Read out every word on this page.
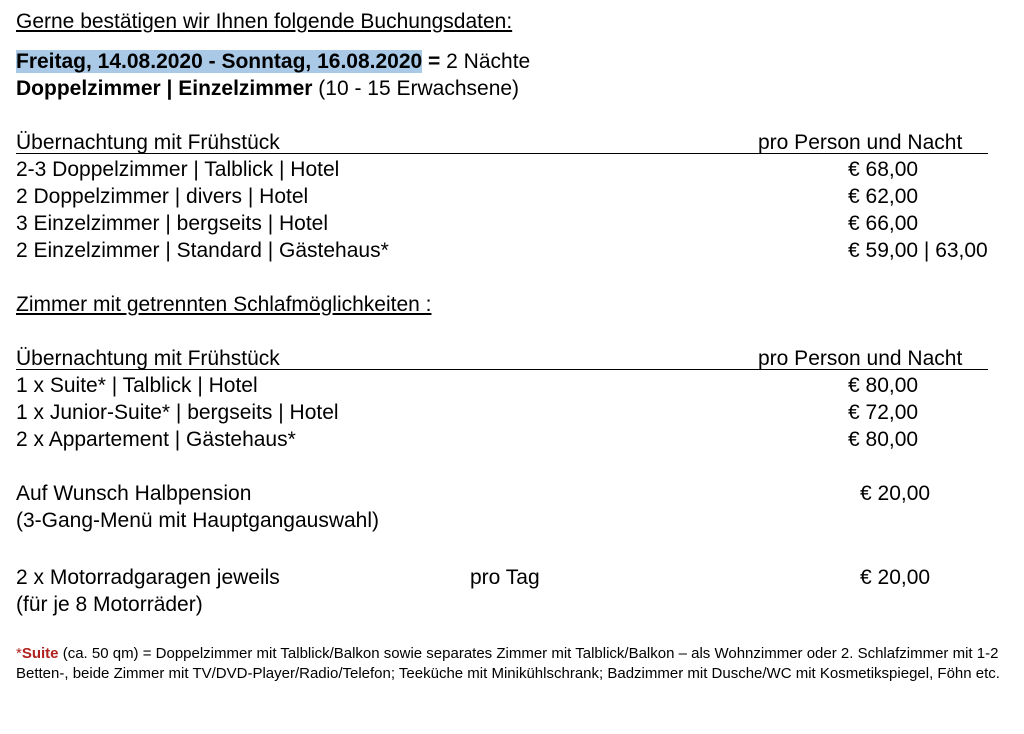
Gerne bestätigen wir Ihnen folgende Buchungsdaten:
Freitag, 14.08.2020 - Sonntag, 16.08.2020 = 2 Nächte
Doppelzimmer | Einzelzimmer (10 - 15 Erwachsene)
Übernachtung mit Frühstück	pro Person und Nacht
2-3 Doppelzimmer | Talblick | Hotel	€ 68,00
2 Doppelzimmer | divers | Hotel	€ 62,00
3 Einzelzimmer | bergseits | Hotel	€ 66,00
2 Einzelzimmer | Standard | Gästehaus*	€ 59,00 | 63,00
Zimmer mit getrennten Schlafmöglichkeiten :
Übernachtung mit Frühstück	pro Person und Nacht
1 x Suite* | Talblick | Hotel	€ 80,00
1 x Junior-Suite* | bergseits | Hotel	€ 72,00
2 x Appartement | Gästehaus*	€ 80,00
Auf Wunsch Halbpension	€ 20,00
(3-Gang-Menü mit Hauptgangauswahl)
2 x Motorradgaragen jeweils	pro Tag	€ 20,00
(für je 8 Motorräder)
*Suite (ca. 50 qm) = Doppelzimmer mit Talblick/Balkon sowie separates Zimmer mit Talblick/Balkon – als Wohnzimmer oder 2. Schlafzimmer mit 1-2 Betten-, beide Zimmer mit TV/DVD-Player/Radio/Telefon; Teeküche mit Minikühlschrank; Badzimmer mit Dusche/WC mit Kosmetikspiegel, Föhn etc.
